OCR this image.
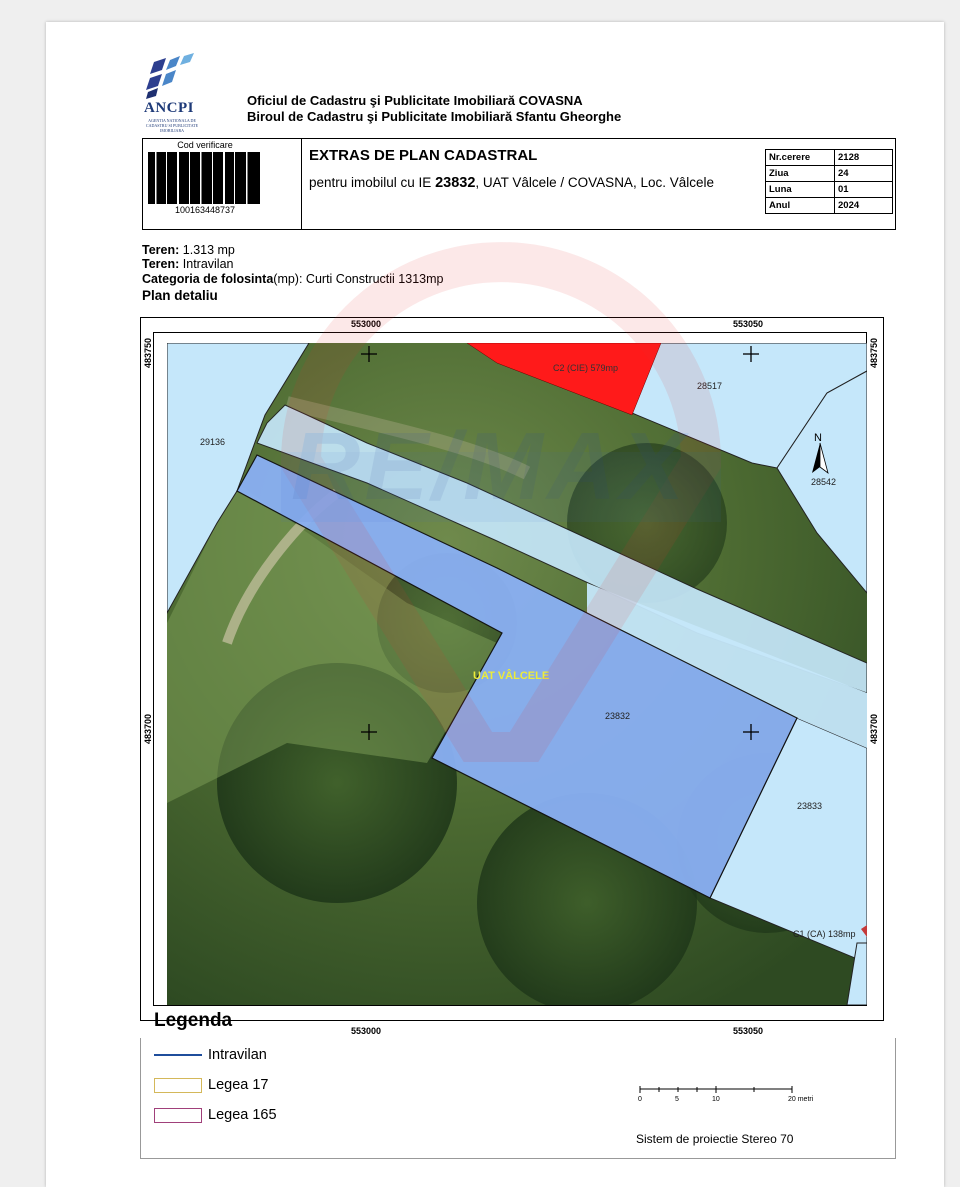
ANCPI
AGENTIA NATIONALA DE CADASTRU SI PUBLICITATE IMOBILIARA
Oficiul de Cadastru şi Publicitate Imobiliară COVASNA
Biroul de Cadastru şi Publicitate Imobiliară Sfantu Gheorghe
Cod verificare
100163448737
EXTRAS DE PLAN CADASTRAL
pentru imobilul cu IE 23832, UAT Vâlcele / COVASNA, Loc. Vâlcele
Nr.cerere	2128
Ziua	24
Luna	01
Anul	2024
Teren: 1.313 mp
Teren: Intravilan
Categoria de folosinta(mp): Curti Constructii 1313mp
Plan detaliu
553000	553050
553000	553050
483750
483700
483750
483700
N
C2 (CIE) 579mp
28517
29136
28542
UAT VÂLCELE
23832
23833
C1 (CA) 138mp
RE/MAX
Legenda
Intravilan
Legea 17
Legea 165
0	5	10	20 metri
Sistem de proiectie Stereo 70
